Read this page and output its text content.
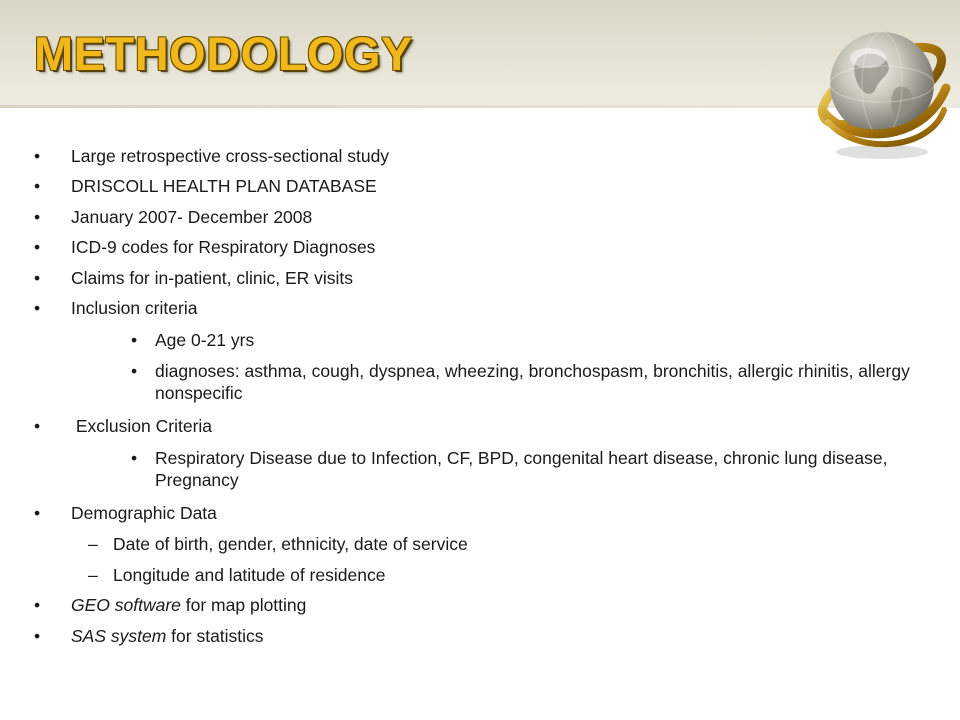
METHODOLOGY
• Large retrospective cross-sectional study
• DRISCOLL HEALTH PLAN DATABASE
• January 2007- December 2008
• ICD-9 codes for Respiratory Diagnoses
• Claims for in-patient, clinic, ER visits
• Inclusion criteria
• Age 0-21 yrs
• diagnoses: asthma, cough, dyspnea, wheezing, bronchospasm, bronchitis, allergic rhinitis, allergy nonspecific
• Exclusion Criteria
• Respiratory Disease due to Infection, CF, BPD, congenital heart disease, chronic lung disease, Pregnancy
• Demographic Data
– Date of birth, gender, ethnicity, date of service
– Longitude and latitude of residence
• GEO software for map plotting
• SAS system for statistics
